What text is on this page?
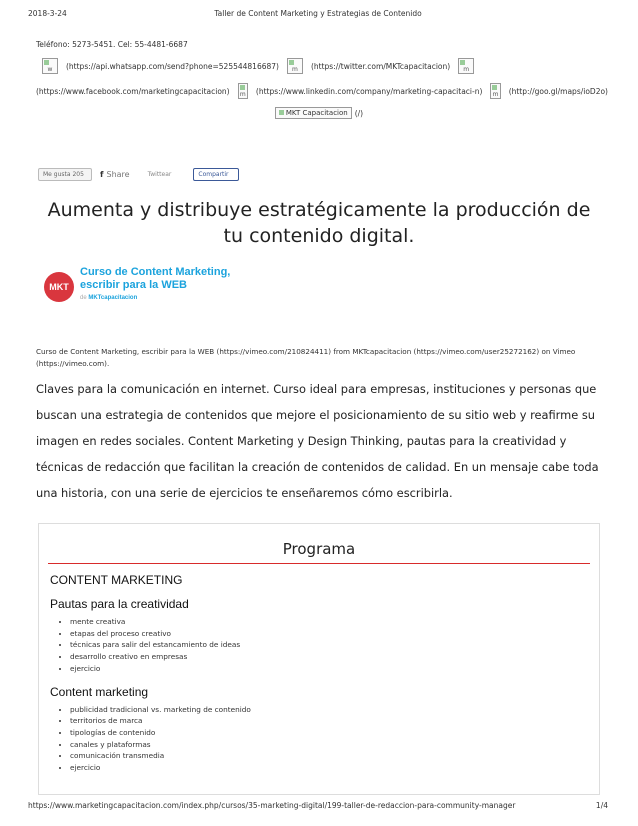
2018-3-24	Taller de Content Marketing y Estrategias de Contenido
Teléfono: 5273-5451. Cel: 55-4481-6687
w	(https://api.whatsapp.com/send?phone=525544816687)	m	(https://twitter.com/MKTcapacitacion)	m
(https://www.facebook.com/marketingcapacitacion)	m (https://www.linkedin.com/company/marketing-capacitaci-n)	m (http://goo.gl/maps/ioD2o)
MKT Capacitacion (/)
Me gusta 205	f Share	Twittear	Compartir
Aumenta y distribuye estratégicamente la producción de tu contenido digital.
MKT
Curso de Content Marketing, escribir para la WEB
de MKTcapacitacion
Curso de Content Marketing, escribir para la WEB (https://vimeo.com/210824411) from MKTcapacitacion (https://vimeo.com/user25272162) on Vimeo (https://vimeo.com).
Claves para la comunicación en internet. Curso ideal para empresas, instituciones y personas que buscan una estrategia de contenidos que mejore el posicionamiento de su sitio web y reafirme su imagen en redes sociales. Content Marketing y Design Thinking, pautas para la creatividad y técnicas de redacción que facilitan la creación de contenidos de calidad. En un mensaje cabe toda una historia, con una serie de ejercicios te enseñaremos cómo escribirla.
Programa
CONTENT MARKETING
Pautas para la creatividad
• mente creativa
• etapas del proceso creativo
• técnicas para salir del estancamiento de ideas
• desarrollo creativo en empresas
• ejercicio
Content marketing
• publicidad tradicional vs. marketing de contenido
• territorios de marca
• tipologías de contenido
• canales y plataformas
• comunicación transmedia
• ejercicio
https://www.marketingcapacitacion.com/index.php/cursos/35-marketing-digital/199-taller-de-redaccion-para-community-manager	1/4
